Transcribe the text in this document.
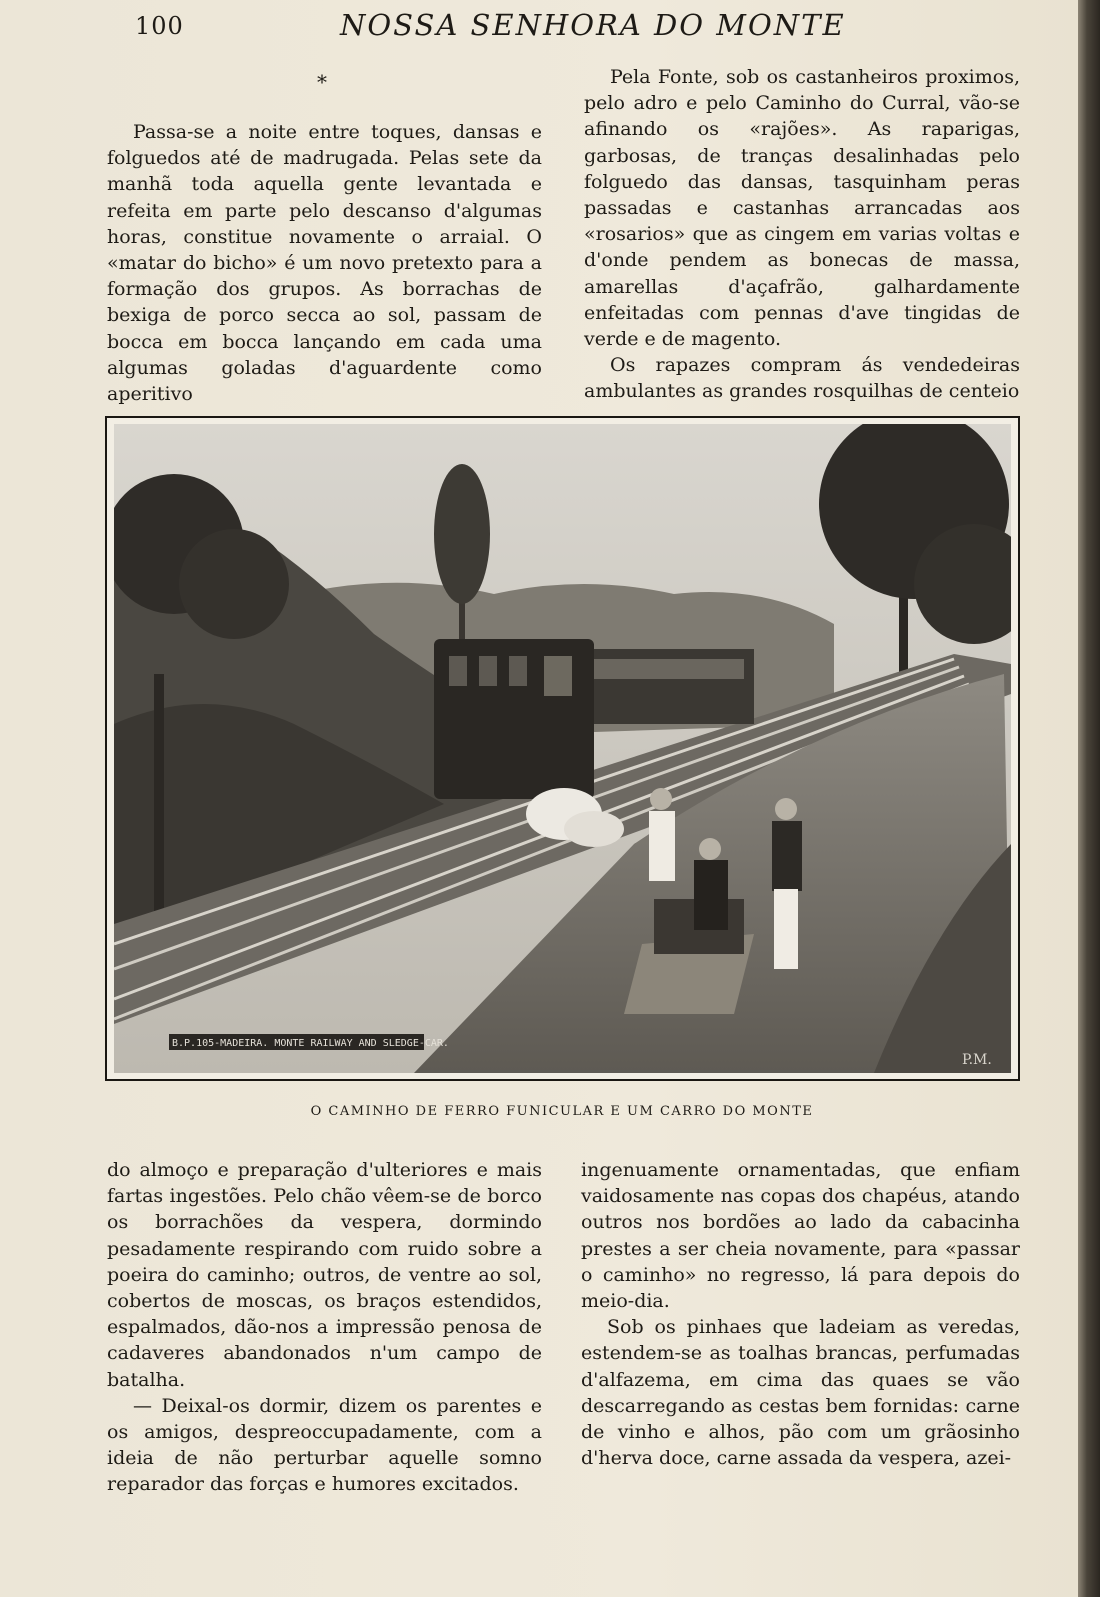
100	NOSSA SENHORA DO MONTE
*

Passa-se a noite entre toques, dansas e folguedos até de madrugada. Pelas sete da manhã toda aquella gente levantada e refeita em parte pelo descanso d'algumas horas, constitue novamente o arraial. O «matar do bicho» é um novo pretexto para a formação dos grupos. As borrachas de bexiga de porco secca ao sol, passam de bocca em bocca lançando em cada uma algumas goladas d'aguardente como aperitivo

Pela Fonte, sob os castanheiros proximos, pelo adro e pelo Caminho do Curral, vão-se afinando os «rajões». As raparigas, garbosas, de tranças desalinhadas pelo folguedo das dansas, tasquinham peras passadas e castanhas arrancadas aos «rosarios» que as cingem em varias voltas e d'onde pendem as bonecas de massa, amarellas d'açafrão, galhardamente enfeitadas com pennas d'ave tingidas de verde e de magento.

Os rapazes compram ás vendedeiras ambulantes as grandes rosquilhas de centeio

B.P.105-MADEIRA. MONTE RAILWAY AND SLEDGE-CAR.
P.M.
O CAMINHO DE FERRO FUNICULAR E UM CARRO DO MONTE

do almoço e preparação d'ulteriores e mais fartas ingestões. Pelo chão vêem-se de borco os borrachões da vespera, dormindo pesadamente respirando com ruido sobre a poeira do caminho; outros, de ventre ao sol, cobertos de moscas, os braços estendidos, espalmados, dão-nos a impressão penosa de cadaveres abandonados n'um campo de batalha.

— Deixal-os dormir, dizem os parentes e os amigos, despreoccupadamente, com a ideia de não perturbar aquelle somno reparador das forças e humores excitados.

ingenuamente ornamentadas, que enfiam vaidosamente nas copas dos chapéus, atando outros nos bordões ao lado da cabacinha prestes a ser cheia novamente, para «passar o caminho» no regresso, lá para depois do meio-dia.

Sob os pinhaes que ladeiam as veredas, estendem-se as toalhas brancas, perfumadas d'alfazema, em cima das quaes se vão descarregando as cestas bem fornidas: carne de vinho e alhos, pão com um grãosinho d'herva doce, carne assada da vespera, azei-
